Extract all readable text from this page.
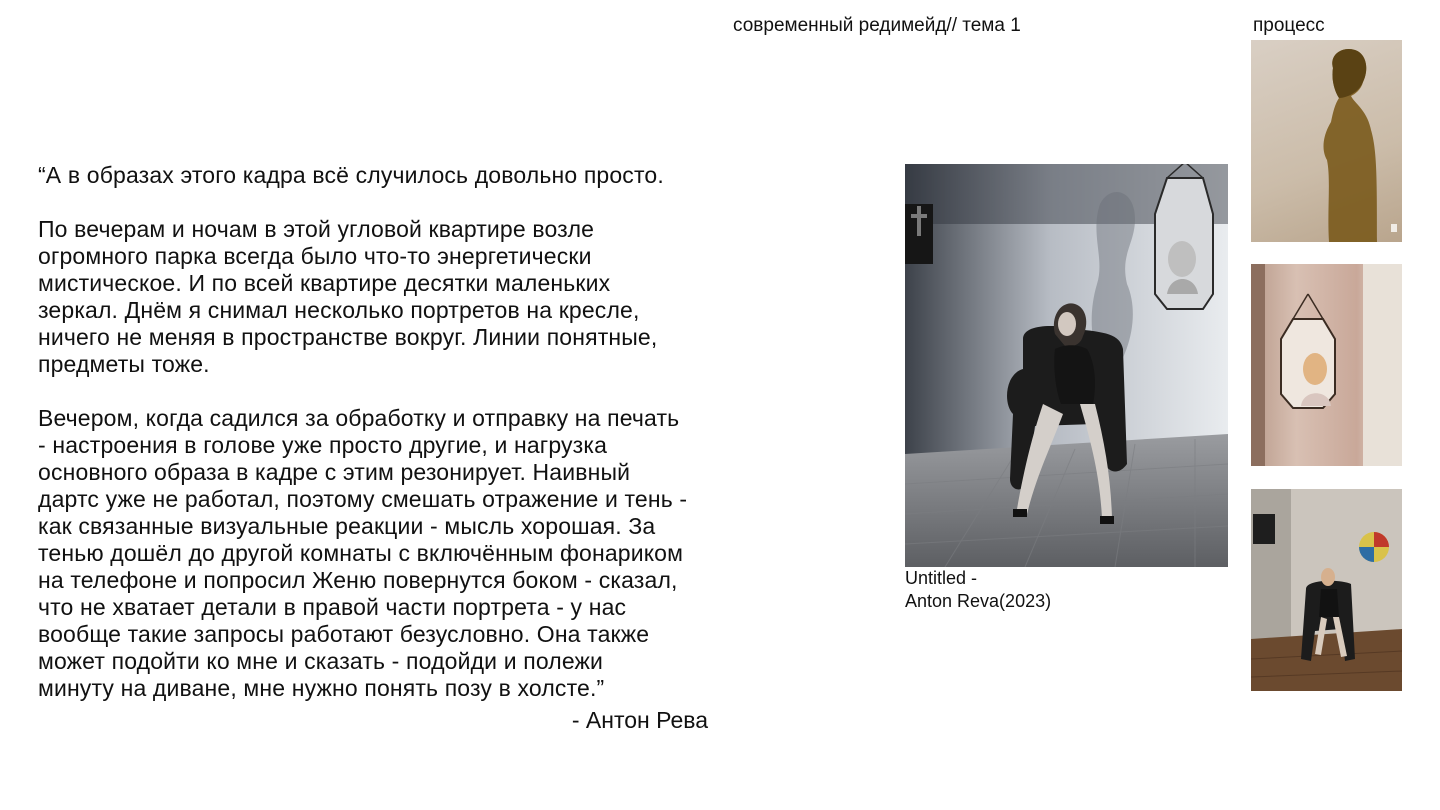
современный редимейд// тема 1	процесс

“А в образах этого кадра всё случилось довольно просто.

По вечерам и ночам в этой угловой квартире возле
огромного парка всегда было что-то энергетически
мистическое. И по всей квартире десятки маленьких
зеркал. Днём я снимал несколько портретов на кресле,
ничего не меняя в пространстве вокруг. Линии понятные,
предметы тоже.

Вечером, когда садился за обработку и отправку на печать
- настроения в голове уже просто другие, и нагрузка
основного образа в кадре с этим резонирует. Наивный
дартс уже не работал, поэтому смешать отражение и тень -
как связанные визуальные реакции - мысль хорошая. За
тенью дошёл до другой комнаты с включённым фонариком
на телефоне и попросил Женю повернутся боком - сказал,
что не хватает детали в правой части портрета - у нас
вообще такие запросы работают безусловно. Она также
может подойти ко мне и сказать - подойди и полежи
минуту на диване, мне нужно понять позу в холсте.”

- Антон Рева
Untitled -
Anton Reva(2023)
